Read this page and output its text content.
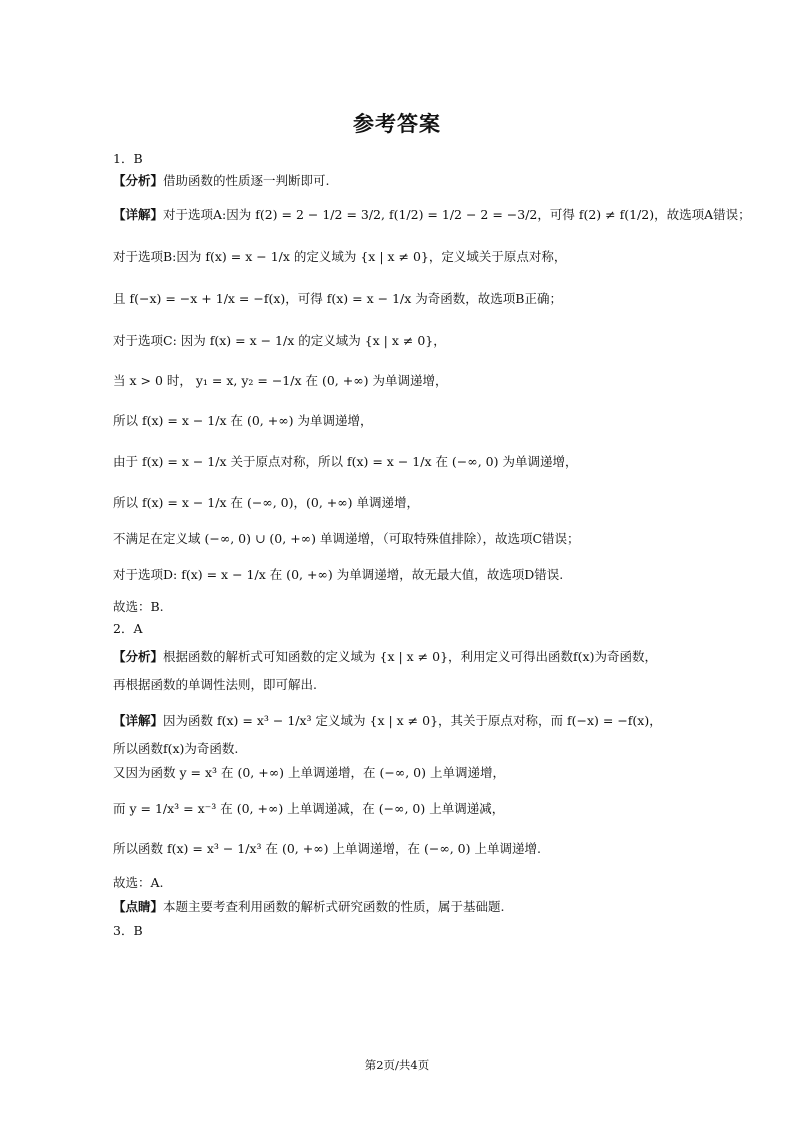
参考答案
1．B
【分析】借助函数的性质逐一判断即可.
【详解】对于选项A:因为 f(2) = 2 − 1/2 = 3/2, f(1/2) = 1/2 − 2 = −3/2，可得 f(2) ≠ f(1/2)，故选项A错误；
对于选项B:因为 f(x) = x − 1/x 的定义域为 {x | x ≠ 0}，定义域关于原点对称，
且 f(−x) = −x + 1/x = −f(x)，可得 f(x) = x − 1/x 为奇函数，故选项B正确；
对于选项C: 因为 f(x) = x − 1/x 的定义域为 {x | x ≠ 0}，
当 x > 0 时， y₁ = x, y₂ = −1/x 在 (0, +∞) 为单调递增，
所以 f(x) = x − 1/x 在 (0, +∞) 为单调递增，
由于 f(x) = x − 1/x 关于原点对称，所以 f(x) = x − 1/x 在 (−∞, 0) 为单调递增，
所以 f(x) = x − 1/x 在 (−∞, 0)，(0, +∞) 单调递增，
不满足在定义域 (−∞, 0) ∪ (0, +∞) 单调递增，（可取特殊值排除），故选项C错误；
对于选项D: f(x) = x − 1/x 在 (0, +∞) 为单调递增，故无最大值，故选项D错误.
故选：B.
2．A
【分析】根据函数的解析式可知函数的定义域为 {x | x ≠ 0}，利用定义可得出函数f(x)为奇函数，
再根据函数的单调性法则，即可解出.
【详解】因为函数 f(x) = x³ − 1/x³ 定义域为 {x | x ≠ 0}，其关于原点对称，而 f(−x) = −f(x)，
所以函数f(x)为奇函数.
又因为函数 y = x³ 在 (0, +∞) 上单调递增，在 (−∞, 0) 上单调递增，
而 y = 1/x³ = x⁻³ 在 (0, +∞) 上单调递减，在 (−∞, 0) 上单调递减，
所以函数 f(x) = x³ − 1/x³ 在 (0, +∞) 上单调递增，在 (−∞, 0) 上单调递增.
故选：A.
【点睛】本题主要考查利用函数的解析式研究函数的性质，属于基础题.
3．B
第2页/共4页
